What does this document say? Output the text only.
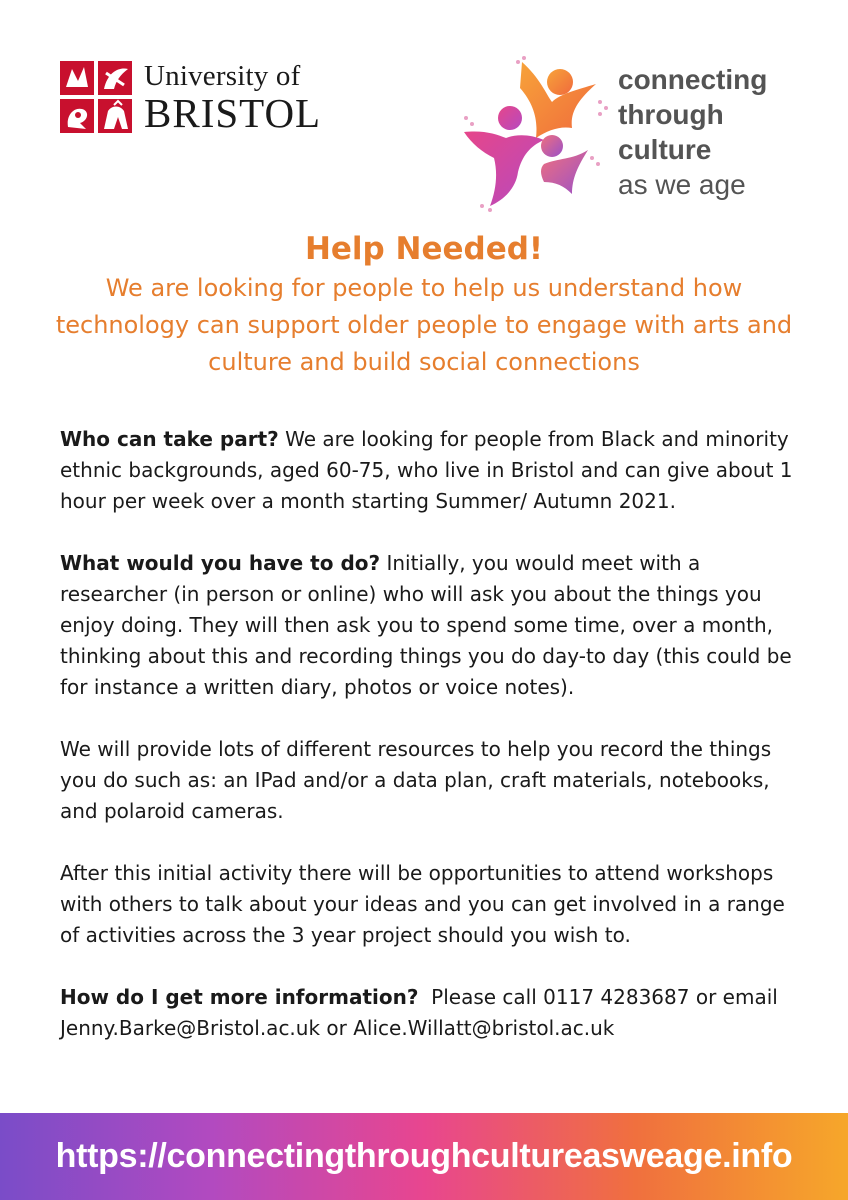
University of
BRISTOL
connecting
through
culture
as we age
Help Needed!

We are looking for people to help us understand how technology can support older people to engage with arts and culture and build social connections

Who can take part? We are looking for people from Black and minority ethnic backgrounds, aged 60-75, who live in Bristol and can give about 1 hour per week over a month starting Summer/ Autumn 2021.

What would you have to do? Initially, you would meet with a researcher (in person or online) who will ask you about the things you enjoy doing. They will then ask you to spend some time, over a month, thinking about this and recording things you do day-to day (this could be for instance a written diary, photos or voice notes).

We will provide lots of different resources to help you record the things you do such as: an IPad and/or a data plan, craft materials, notebooks, and polaroid cameras.

After this initial activity there will be opportunities to attend workshops with others to talk about your ideas and you can get involved in a range of activities across the 3 year project should you wish to.

How do I get more information?  Please call 0117 4283687 or email Jenny.Barke@Bristol.ac.uk or Alice.Willatt@bristol.ac.uk

https://connectingthroughcultureasweage.info
